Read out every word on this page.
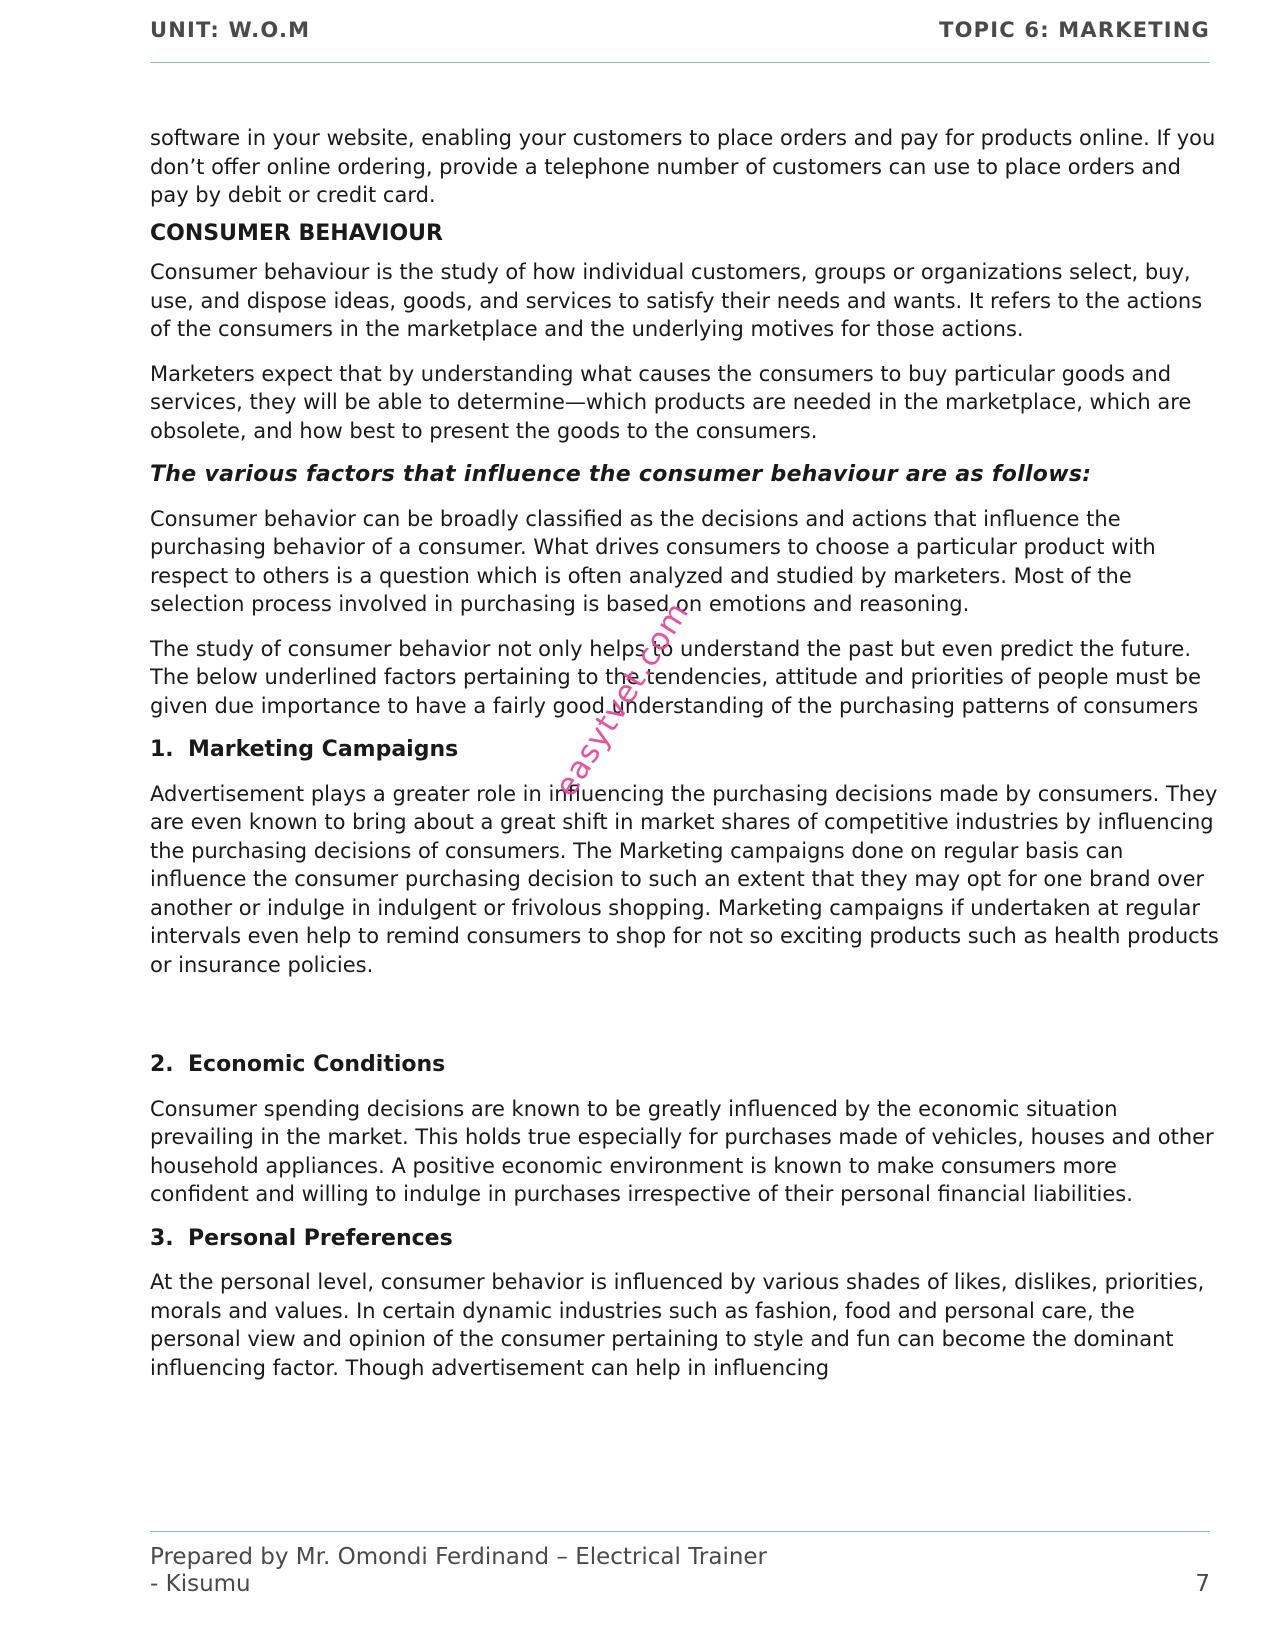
UNIT: W.O.M	TOPIC 6: MARKETING

software in your website, enabling your customers to place orders and pay for products online. If you don’t offer online ordering, provide a telephone number of customers can use to place orders and pay by debit or credit card.

CONSUMER BEHAVIOUR

Consumer behaviour is the study of how individual customers, groups or organizations select, buy, use, and dispose ideas, goods, and services to satisfy their needs and wants. It refers to the actions of the consumers in the marketplace and the underlying motives for those actions.

Marketers expect that by understanding what causes the consumers to buy particular goods and services, they will be able to determine—which products are needed in the marketplace, which are obsolete, and how best to present the goods to the consumers.

The various factors that influence the consumer behaviour are as follows:

Consumer behavior can be broadly classified as the decisions and actions that influence the purchasing behavior of a consumer. What drives consumers to choose a particular product with respect to others is a question which is often analyzed and studied by marketers. Most of the selection process involved in purchasing is based on emotions and reasoning.

The study of consumer behavior not only helps to understand the past but even predict the future. The below underlined factors pertaining to the tendencies, attitude and priorities of people must be given due importance to have a fairly good understanding of the purchasing patterns of consumers

1. Marketing Campaigns

Advertisement plays a greater role in influencing the purchasing decisions made by consumers. They are even known to bring about a great shift in market shares of competitive industries by influencing the purchasing decisions of consumers. The Marketing campaigns done on regular basis can influence the consumer purchasing decision to such an extent that they may opt for one brand over another or indulge in indulgent or frivolous shopping. Marketing campaigns if undertaken at regular intervals even help to remind consumers to shop for not so exciting products such as health products or insurance policies.

2. Economic Conditions

Consumer spending decisions are known to be greatly influenced by the economic situation prevailing in the market. This holds true especially for purchases made of vehicles, houses and other household appliances. A positive economic environment is known to make consumers more confident and willing to indulge in purchases irrespective of their personal financial liabilities.

3. Personal Preferences

At the personal level, consumer behavior is influenced by various shades of likes, dislikes, priorities, morals and values. In certain dynamic industries such as fashion, food and personal care, the personal view and opinion of the consumer pertaining to style and fun can become the dominant influencing factor. Though advertisement can help in influencing

easytvet.com
Prepared by Mr. Omondi Ferdinand – Electrical Trainer - Kisumu	7
